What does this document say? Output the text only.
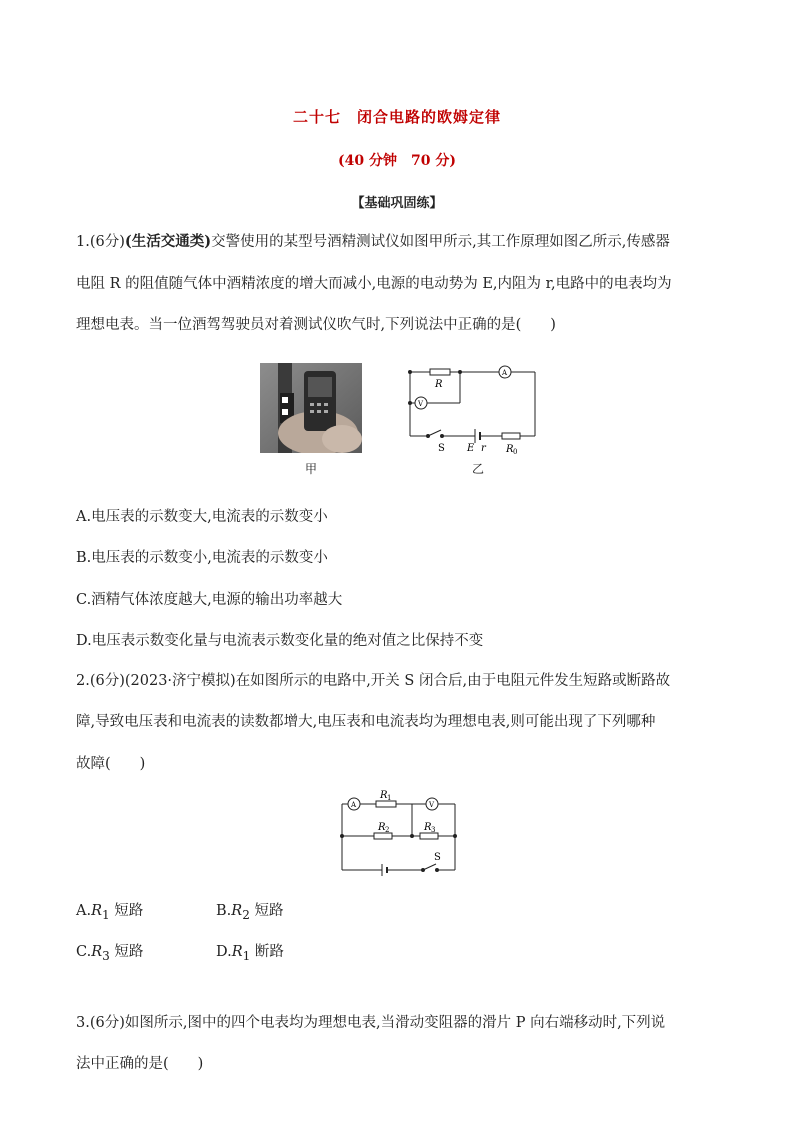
二十七　闭合电路的欧姆定律
(40 分钟　70 分)
【基础巩固练】
1.(6分)(生活交通类)交警使用的某型号酒精测试仪如图甲所示,其工作原理如图乙所示,传感器
电阻 R 的阻值随气体中酒精浓度的增大而减小,电源的电动势为 E,内阻为 r,电路中的电表均为
理想电表。当一位酒驾驾驶员对着测试仪吹气时,下列说法中正确的是(　　)
甲
R
A
V
S E r R 0
乙
A.电压表的示数变大,电流表的示数变小
B.电压表的示数变小,电流表的示数变小
C.酒精气体浓度越大,电源的输出功率越大
D.电压表示数变化量与电流表示数变化量的绝对值之比保持不变
2.(6分)(2023·济宁模拟)在如图所示的电路中,开关 S 闭合后,由于电阻元件发生短路或断路故
障,导致电压表和电流表的读数都增大,电压表和电流表均为理想电表,则可能出现了下列哪种
故障(　　)
A	V
R 1
R 2	R 3
S
$A.R_1$ 短路	$B.R_2$ 短路
$C.R_3$ 短路	$D.R_1$ 断路
3.(6分)如图所示,图中的四个电表均为理想电表,当滑动变阻器的滑片 P 向右端移动时,下列说
法中正确的是(　　)
